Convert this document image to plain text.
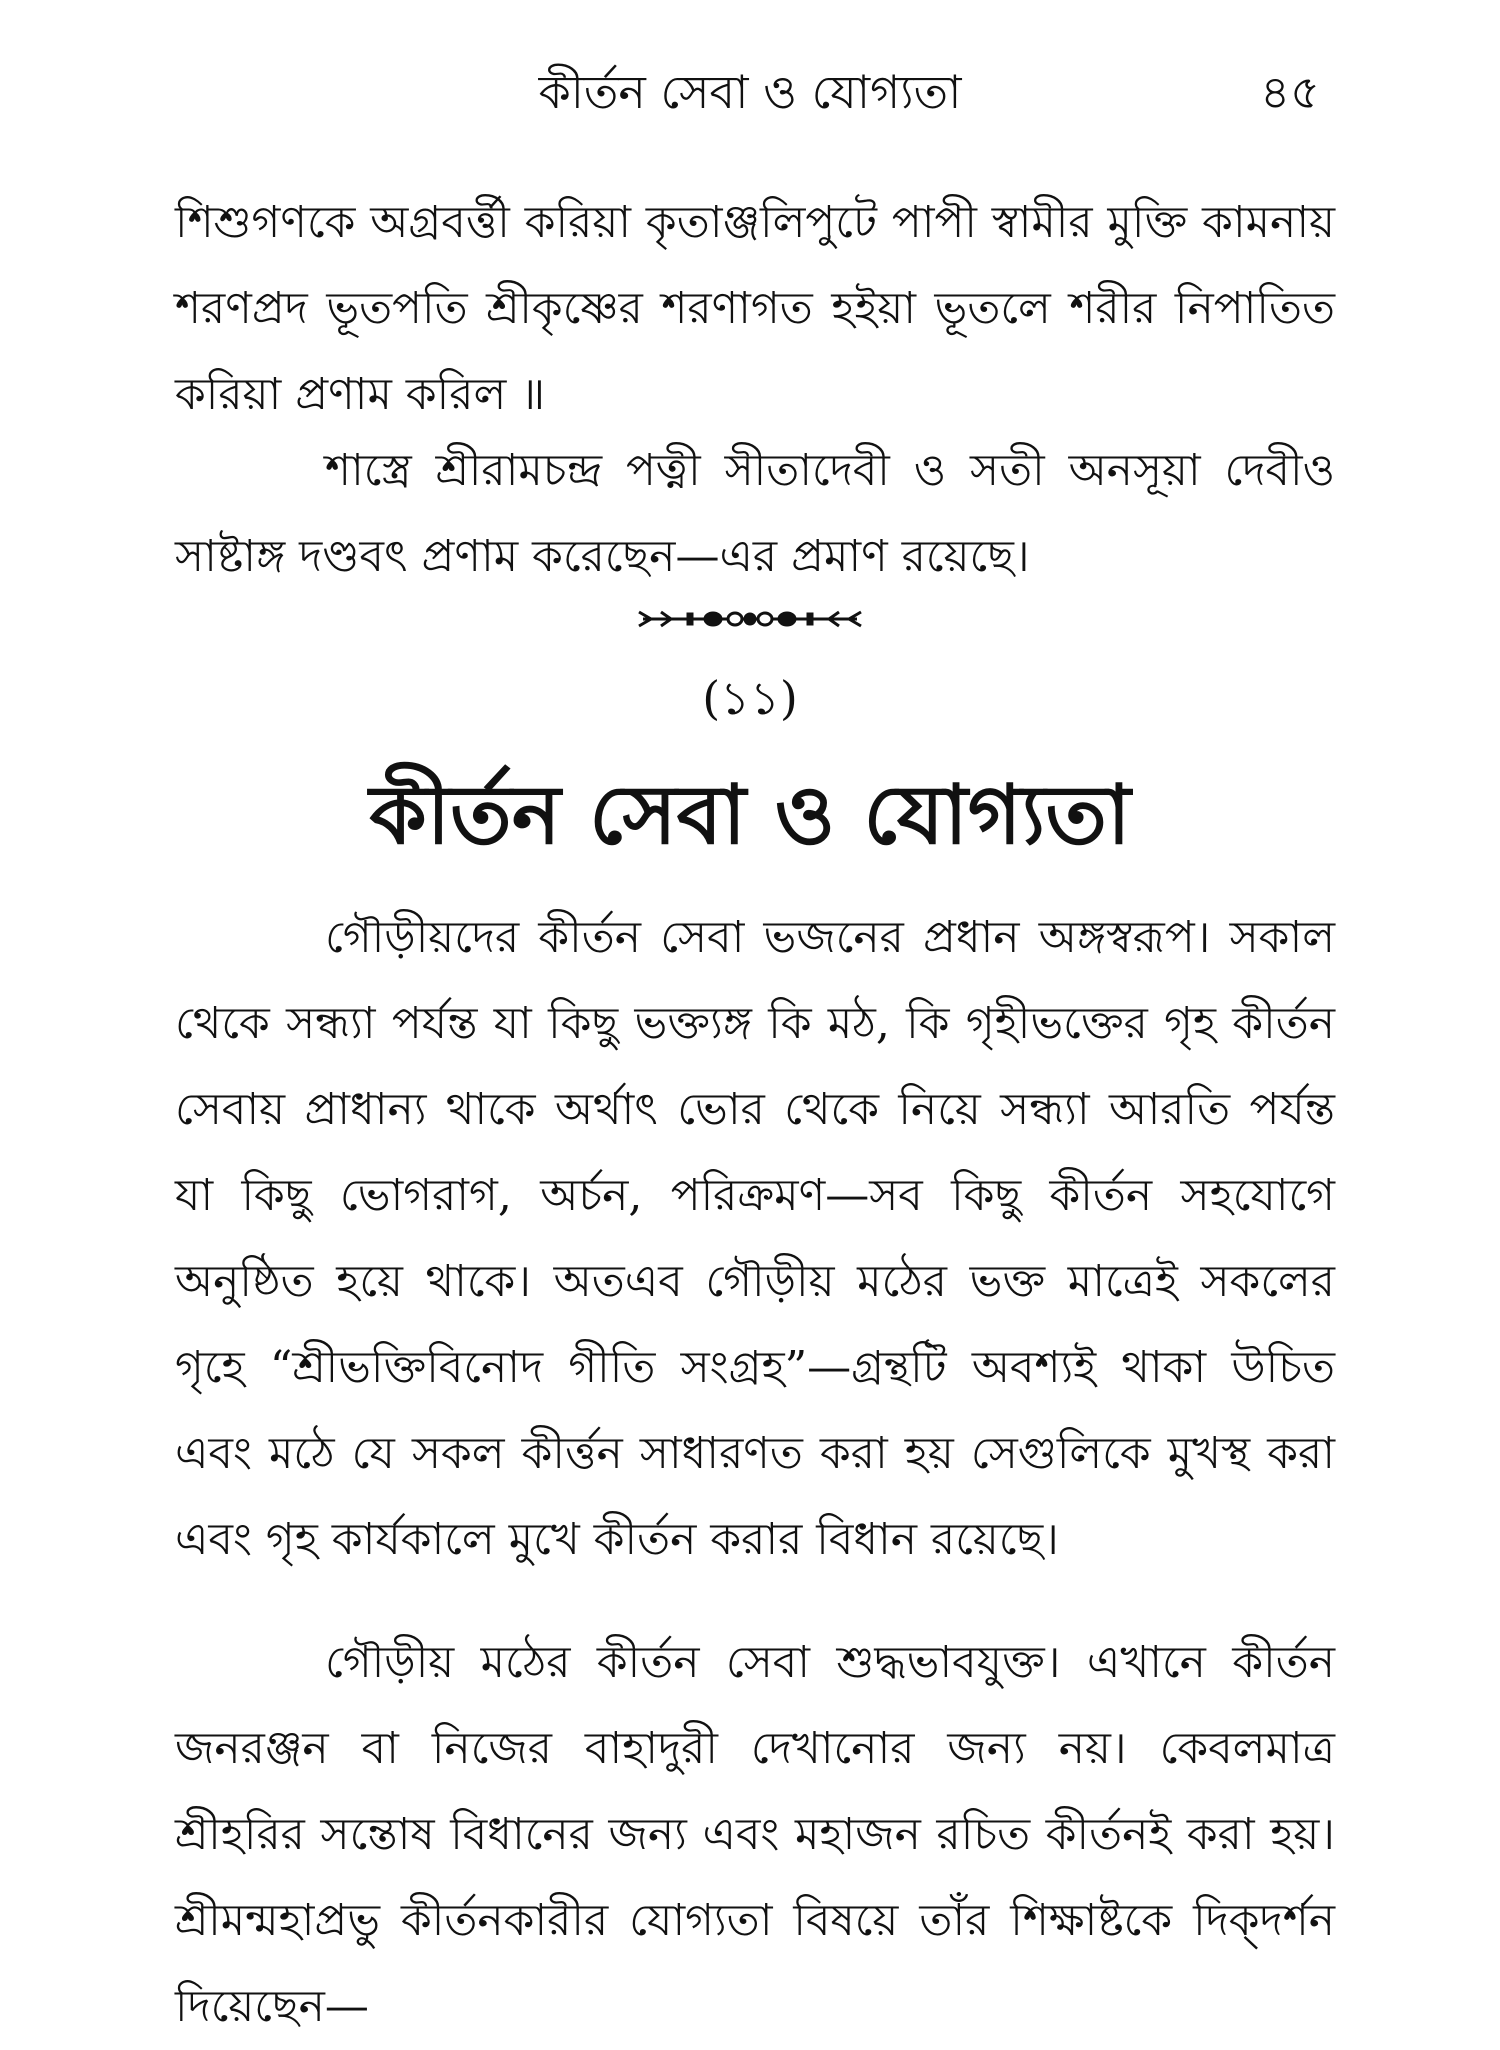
কীর্তন সেবা ও যোগ্যতা	৪৫

শিশুগণকে অগ্রবর্ত্তী করিয়া কৃতাঞ্জলিপুটে পাপী স্বামীর মুক্তি কামনায় শরণপ্রদ ভূতপতি শ্রীকৃষ্ণের শরণাগত হইয়া ভূতলে শরীর নিপাতিত করিয়া প্রণাম করিল ॥

শাস্ত্রে শ্রীরামচন্দ্র পত্নী সীতাদেবী ও সতী অনসূয়া দেবীও সাষ্টাঙ্গ দণ্ডবৎ প্রণাম করেছেন—এর প্রমাণ রয়েছে।

(১১)
কীর্তন সেবা ও যোগ্যতা

গৌড়ীয়দের কীর্তন সেবা ভজনের প্রধান অঙ্গস্বরূপ। সকাল থেকে সন্ধ্যা পর্যন্ত যা কিছু ভক্ত্যঙ্গ কি মঠ, কি গৃহীভক্তের গৃহ কীর্তন সেবায় প্রাধান্য থাকে অর্থাৎ ভোর থেকে নিয়ে সন্ধ্যা আরতি পর্যন্ত যা কিছু ভোগরাগ, অর্চন, পরিক্রমণ—সব কিছু কীর্তন সহযোগে অনুষ্ঠিত হয়ে থাকে। অতএব গৌড়ীয় মঠের ভক্ত মাত্রেই সকলের গৃহে “শ্রীভক্তিবিনোদ গীতি সংগ্রহ”—গ্রন্থটি অবশ্যই থাকা উচিত এবং মঠে যে সকল কীর্ত্তন সাধারণত করা হয় সেগুলিকে মুখস্থ করা এবং গৃহ কার্যকালে মুখে কীর্তন করার বিধান রয়েছে।

গৌড়ীয় মঠের কীর্তন সেবা শুদ্ধভাবযুক্ত। এখানে কীর্তন জনরঞ্জন বা নিজের বাহাদুরী দেখানোর জন্য নয়। কেবলমাত্র শ্রীহরির সন্তোষ বিধানের জন্য এবং মহাজন রচিত কীর্তনই করা হয়। শ্রীমন্মহাপ্রভু কীর্তনকারীর যোগ্যতা বিষয়ে তাঁর শিক্ষাষ্টকে দিক্‌দর্শন দিয়েছেন—
